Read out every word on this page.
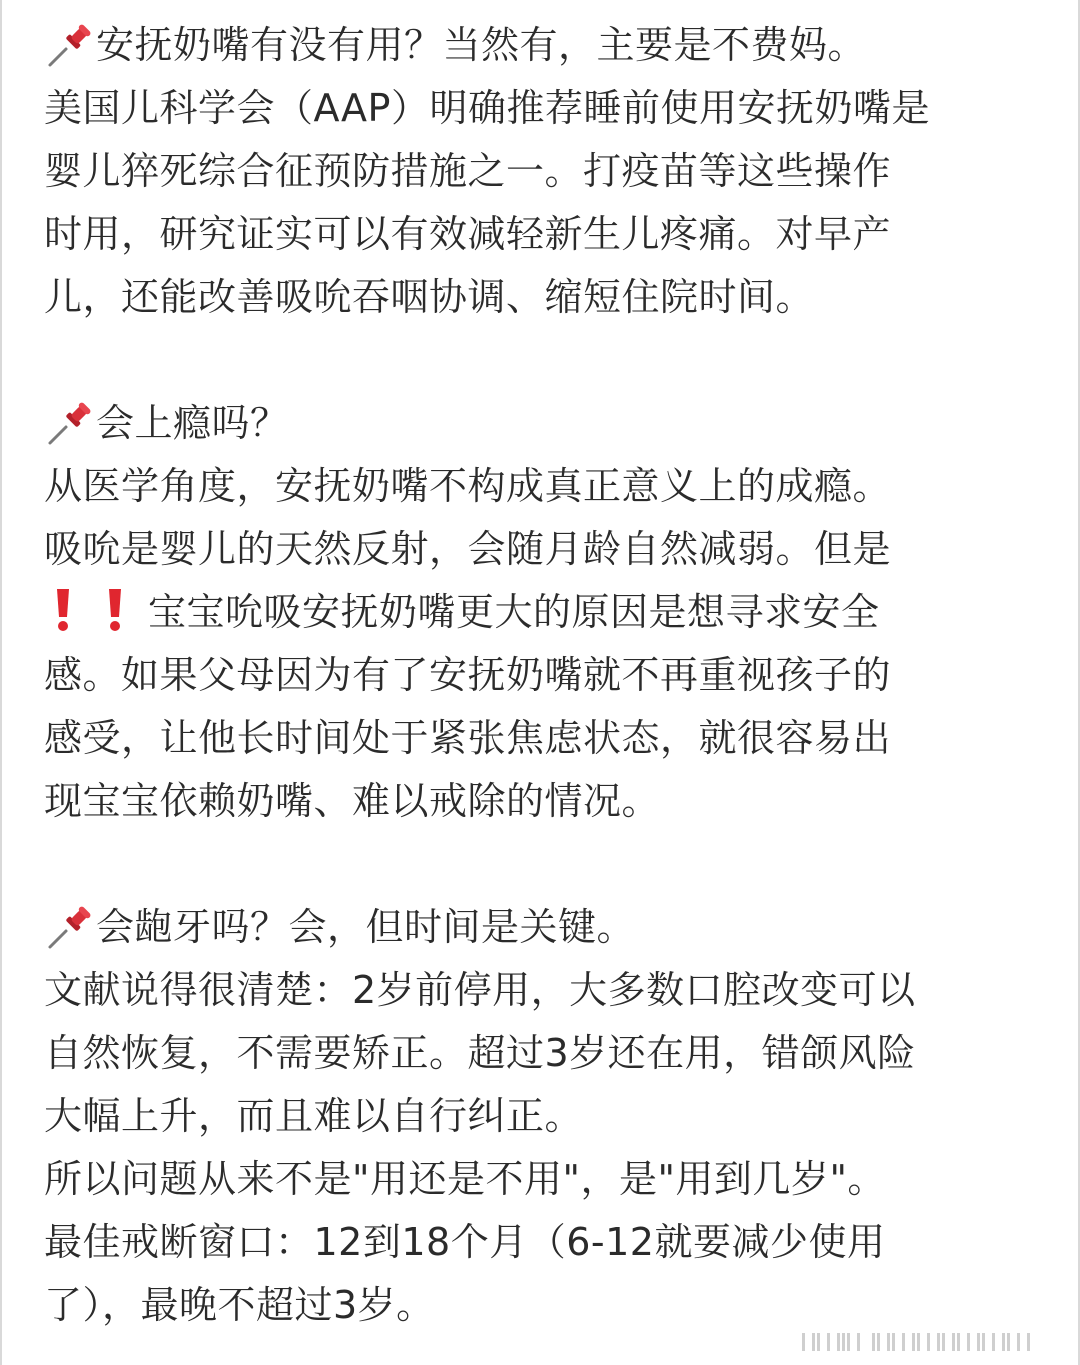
安抚奶嘴有没有用？当然有，主要是不费妈。
美国儿科学会（AAP）明确推荐睡前使用安抚奶嘴是
婴儿猝死综合征预防措施之一。打疫苗等这些操作
时用，研究证实可以有效减轻新生儿疼痛。对早产
儿，还能改善吸吮吞咽协调、缩短住院时间。
会上瘾吗？
从医学角度，安抚奶嘴不构成真正意义上的成瘾。
吸吮是婴儿的天然反射，会随月龄自然减弱。但是
宝宝吮吸安抚奶嘴更大的原因是想寻求安全
感。如果父母因为有了安抚奶嘴就不再重视孩子的
感受，让他长时间处于紧张焦虑状态，就很容易出
现宝宝依赖奶嘴、难以戒除的情况。
会龅牙吗？会，但时间是关键。
文献说得很清楚：2岁前停用，大多数口腔改变可以
自然恢复，不需要矫正。超过3岁还在用，错颌风险
大幅上升，而且难以自行纠正。
所以问题从来不是"用还是不用"，是"用到几岁"。
最佳戒断窗口：12到18个月（6-12就要减少使用
了），最晚不超过3岁。
